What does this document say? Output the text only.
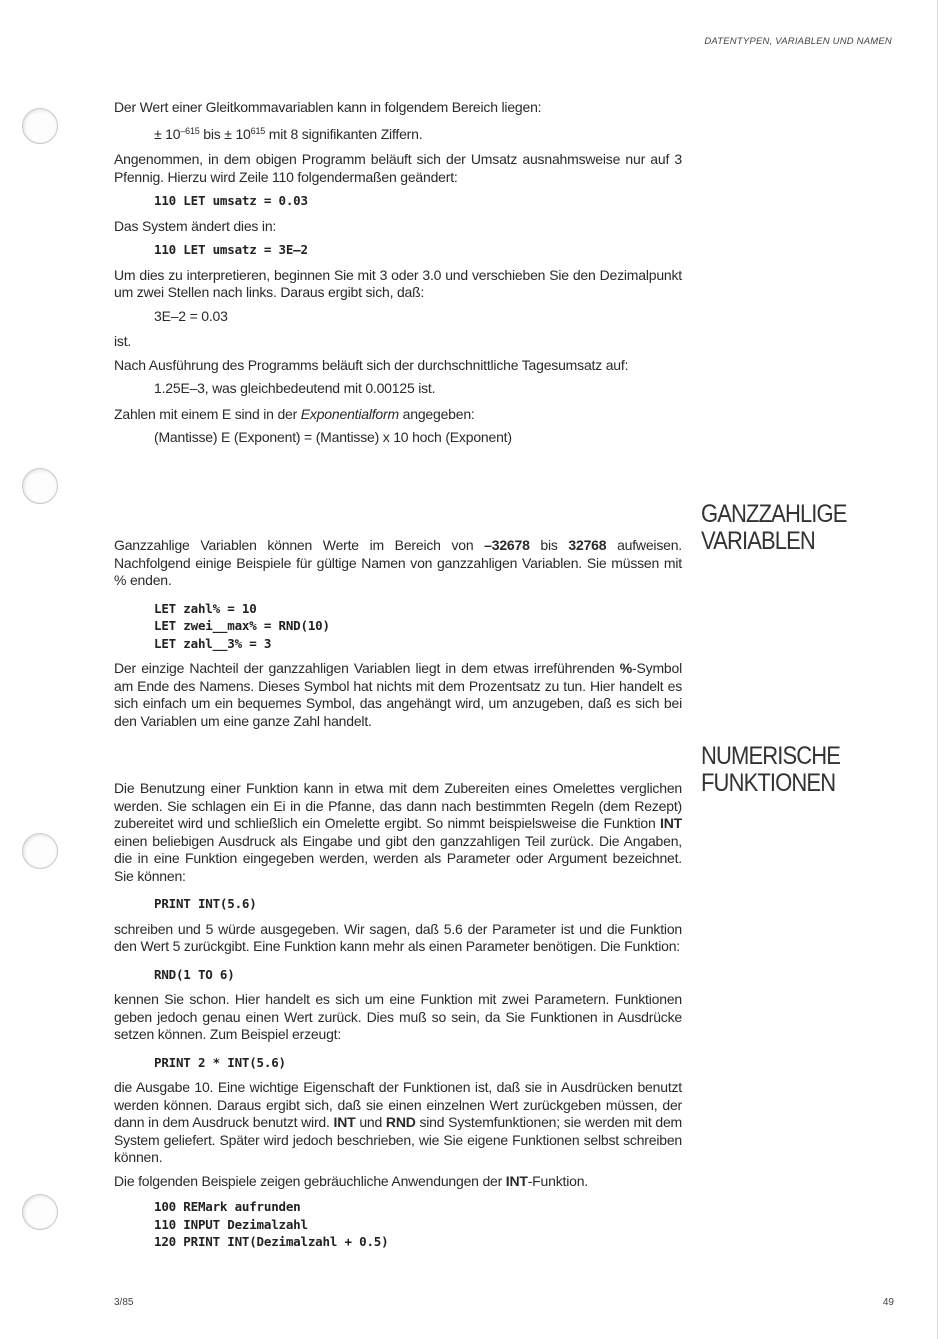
DATENTYPEN, VARIABLEN UND NAMEN

Der Wert einer Gleitkommavariablen kann in folgendem Bereich liegen:

± $10^{-615}$ bis ± $10^{615}$ mit 8 signifikanten Ziffern.

Angenommen, in dem obigen Programm beläuft sich der Umsatz ausnahmsweise nur auf 3 Pfennig. Hierzu wird Zeile 110 folgendermaßen geändert:

110 LET umsatz = 0.03

Das System ändert dies in:

110 LET umsatz = 3E–2

Um dies zu interpretieren, beginnen Sie mit 3 oder 3.0 und verschieben Sie den Dezimalpunkt um zwei Stellen nach links. Daraus ergibt sich, daß:

3E–2 = 0.03

ist.

Nach Ausführung des Programms beläuft sich der durchschnittliche Tagesumsatz auf:

1.25E–3, was gleichbedeutend mit 0.00125 ist.

Zahlen mit einem E sind in der Exponentialform angegeben:

(Mantisse) E (Exponent) = (Mantisse) x 10 hoch (Exponent)

GANZZAHLIGE
VARIABLEN

Ganzzahlige Variablen können Werte im Bereich von –32678 bis 32768 aufweisen. Nachfolgend einige Beispiele für gültige Namen von ganzzahligen Variablen. Sie müssen mit % enden.

LET zahl% = 10
LET zwei__max% = RND(10)
LET zahl__3% = 3

Der einzige Nachteil der ganzzahligen Variablen liegt in dem etwas irreführenden %-Symbol am Ende des Namens. Dieses Symbol hat nichts mit dem Prozentsatz zu tun. Hier handelt es sich einfach um ein bequemes Symbol, das angehängt wird, um anzugeben, daß es sich bei den Variablen um eine ganze Zahl handelt.

NUMERISCHE
FUNKTIONEN

Die Benutzung einer Funktion kann in etwa mit dem Zubereiten eines Omelettes verglichen werden. Sie schlagen ein Ei in die Pfanne, das dann nach bestimmten Regeln (dem Rezept) zubereitet wird und schließlich ein Omelette ergibt. So nimmt beispielsweise die Funktion INT einen beliebigen Ausdruck als Eingabe und gibt den ganzzahligen Teil zurück. Die Angaben, die in eine Funktion eingegeben werden, werden als Parameter oder Argument bezeichnet. Sie können:

PRINT INT(5.6)

schreiben und 5 würde ausgegeben. Wir sagen, daß 5.6 der Parameter ist und die Funktion den Wert 5 zurückgibt. Eine Funktion kann mehr als einen Parameter benötigen. Die Funktion:

RND(1 TO 6)

kennen Sie schon. Hier handelt es sich um eine Funktion mit zwei Parametern. Funktionen geben jedoch genau einen Wert zurück. Dies muß so sein, da Sie Funktionen in Ausdrücke setzen können. Zum Beispiel erzeugt:

PRINT 2 * INT(5.6)

die Ausgabe 10. Eine wichtige Eigenschaft der Funktionen ist, daß sie in Ausdrücken benutzt werden können. Daraus ergibt sich, daß sie einen einzelnen Wert zurückgeben müssen, der dann in dem Ausdruck benutzt wird. INT und RND sind Systemfunktionen; sie werden mit dem System geliefert. Später wird jedoch beschrieben, wie Sie eigene Funktionen selbst schreiben können.

Die folgenden Beispiele zeigen gebräuchliche Anwendungen der INT-Funktion.

100 REMark aufrunden
110 INPUT Dezimalzahl
120 PRINT INT(Dezimalzahl + 0.5)
3/85	49
